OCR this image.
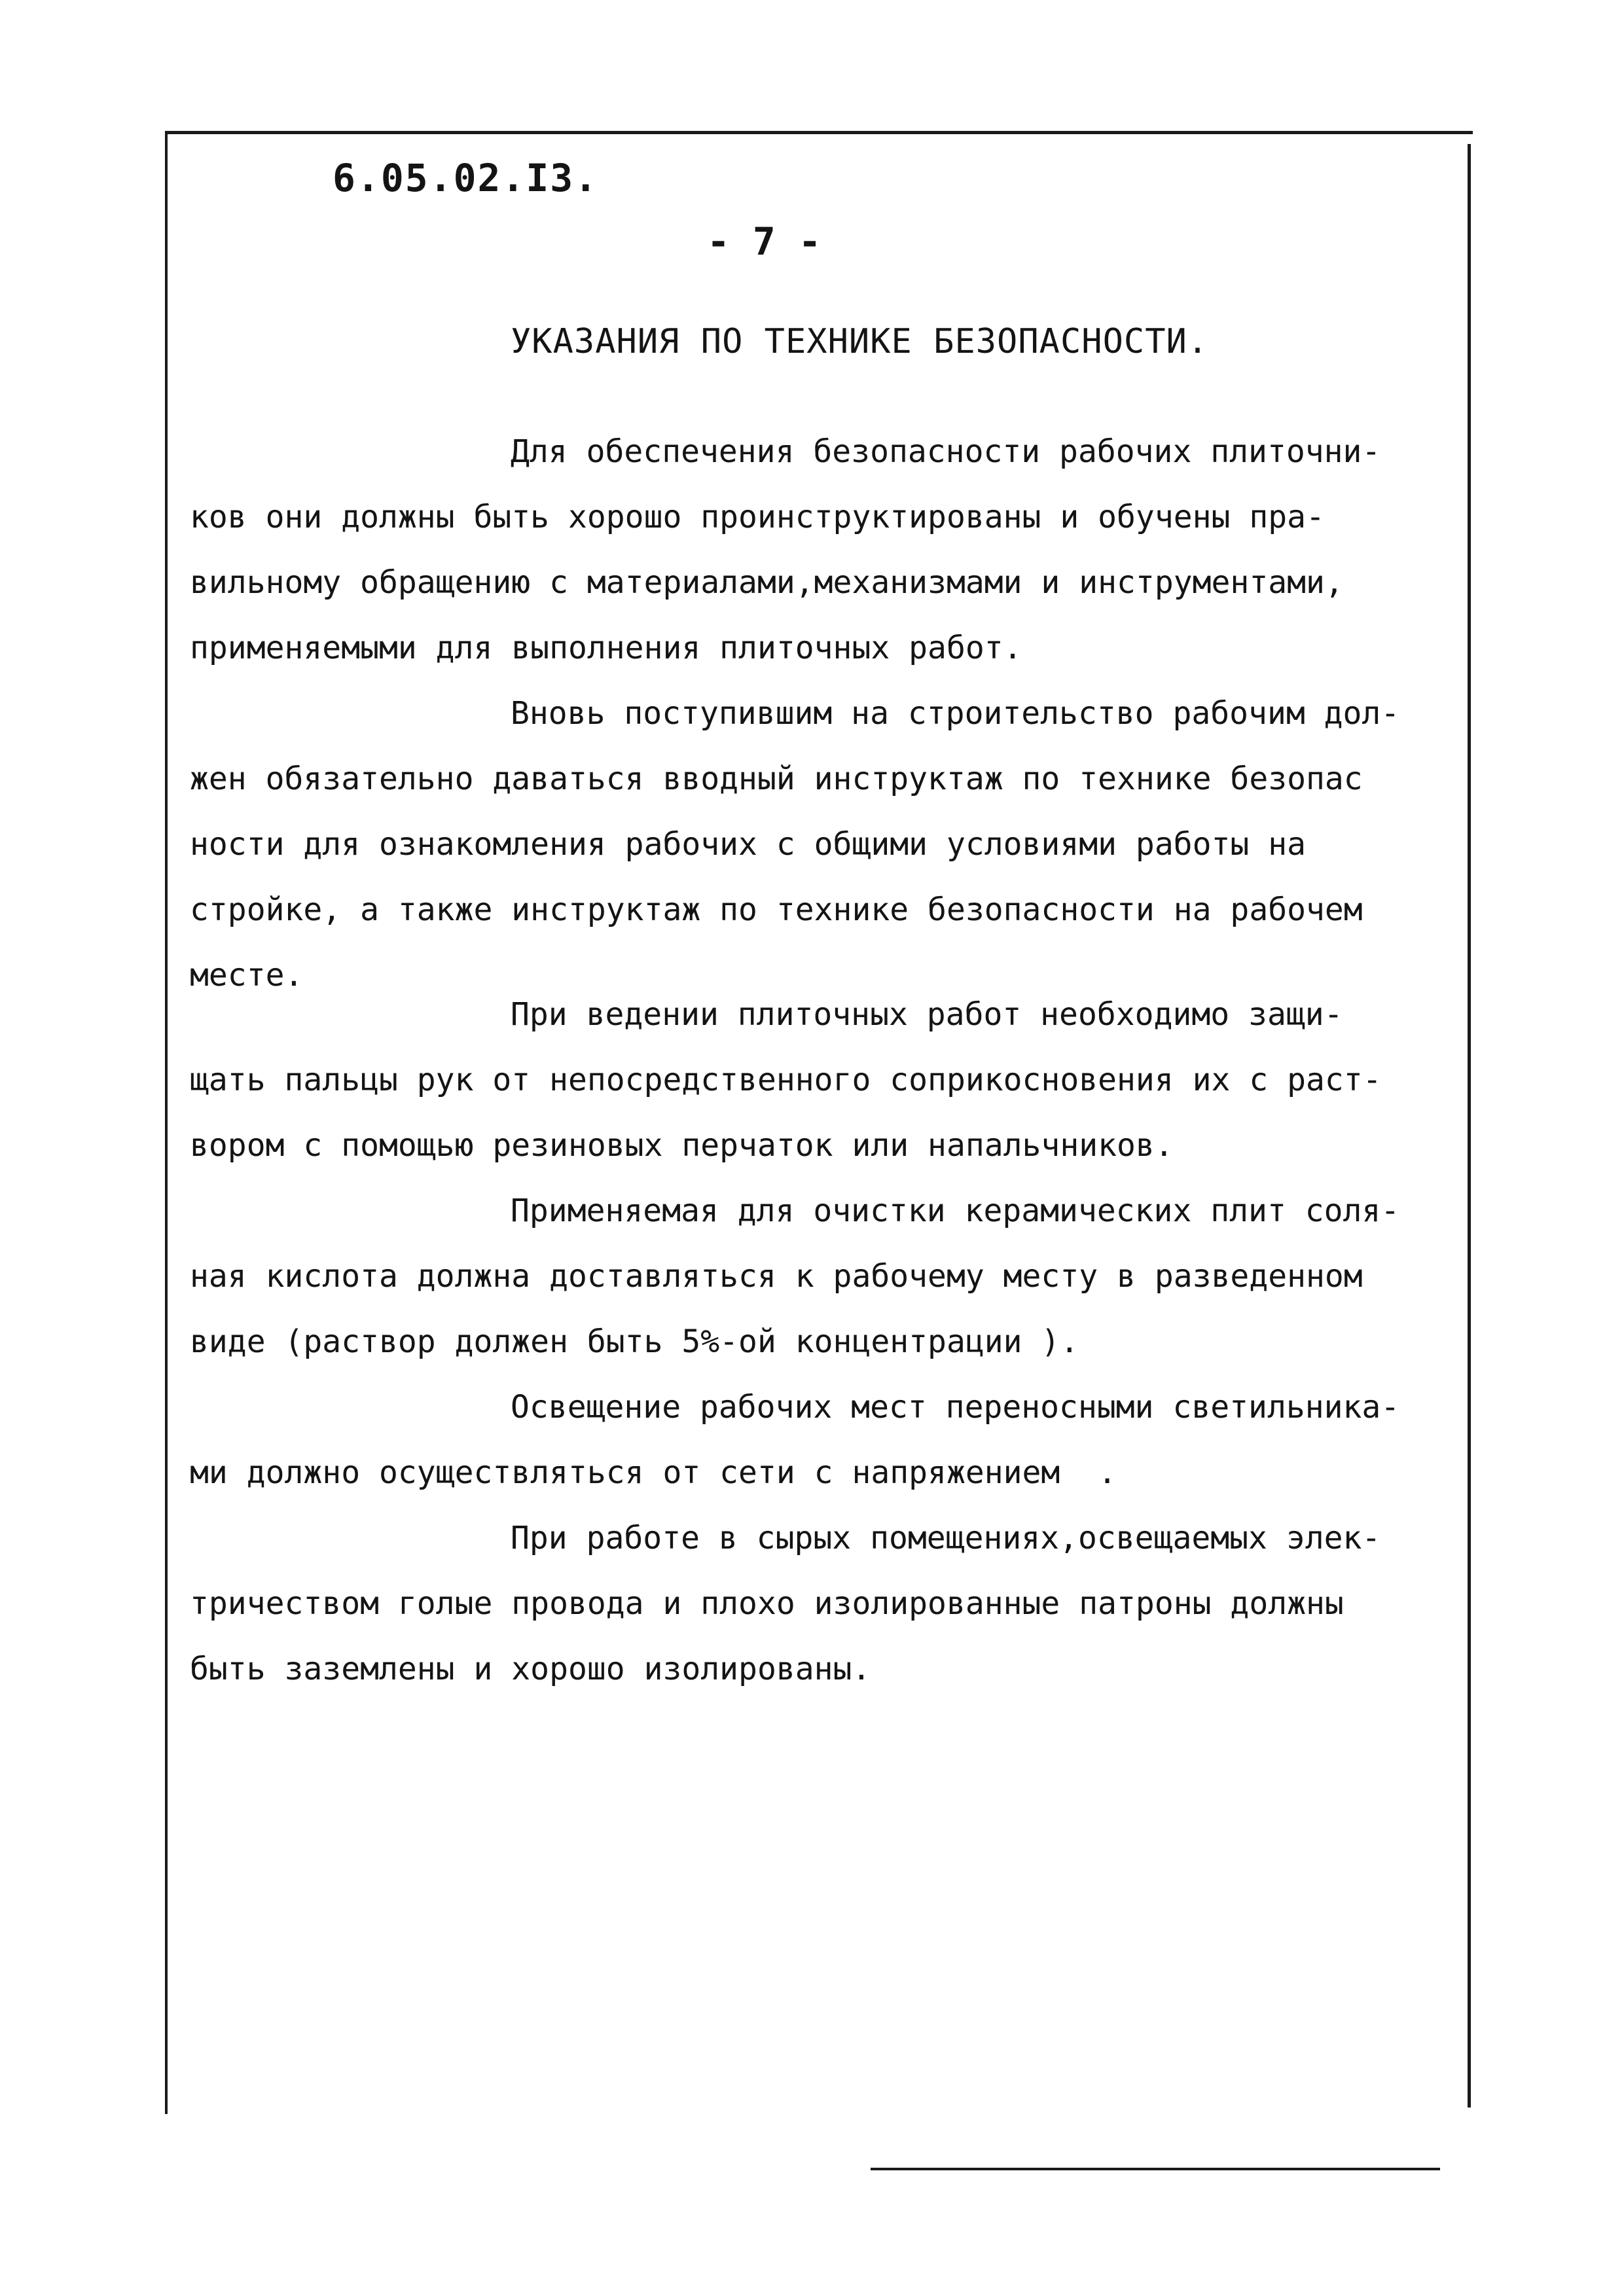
6.05.02.I3.
- 7 -
УКАЗАНИЯ ПО ТЕХНИКЕ БЕЗОПАСНОСТИ.
Для обеспечения безопасности рабочих плиточни-
ков они должны быть хорошо проинструктированы и обучены пра-
вильному обращению с материалами,механизмами и инструментами,
применяемыми для выполнения плиточных работ.
Вновь поступившим на строительство рабочим дол-
жен обязательно даваться вводный инструктаж по технике безопас
ности для ознакомления рабочих с общими условиями работы на
стройке, а также инструктаж по технике безопасности на рабочем
месте.
При ведении плиточных работ необходимо защи-
щать пальцы рук от непосредственного соприкосновения их с раст-
вором с помощью резиновых перчаток или напальчников.
Применяемая для очистки керамических плит соля-
ная кислота должна доставляться к рабочему месту в разведенном
виде (раствор должен быть 5%-ой концентрации ).
Освещение рабочих мест переносными светильника-
ми должно осуществляться от сети с напряжением  .
При работе в сырых помещениях,освещаемых элек-
тричеством голые провода и плохо изолированные патроны должны
быть заземлены и хорошо изолированы.
